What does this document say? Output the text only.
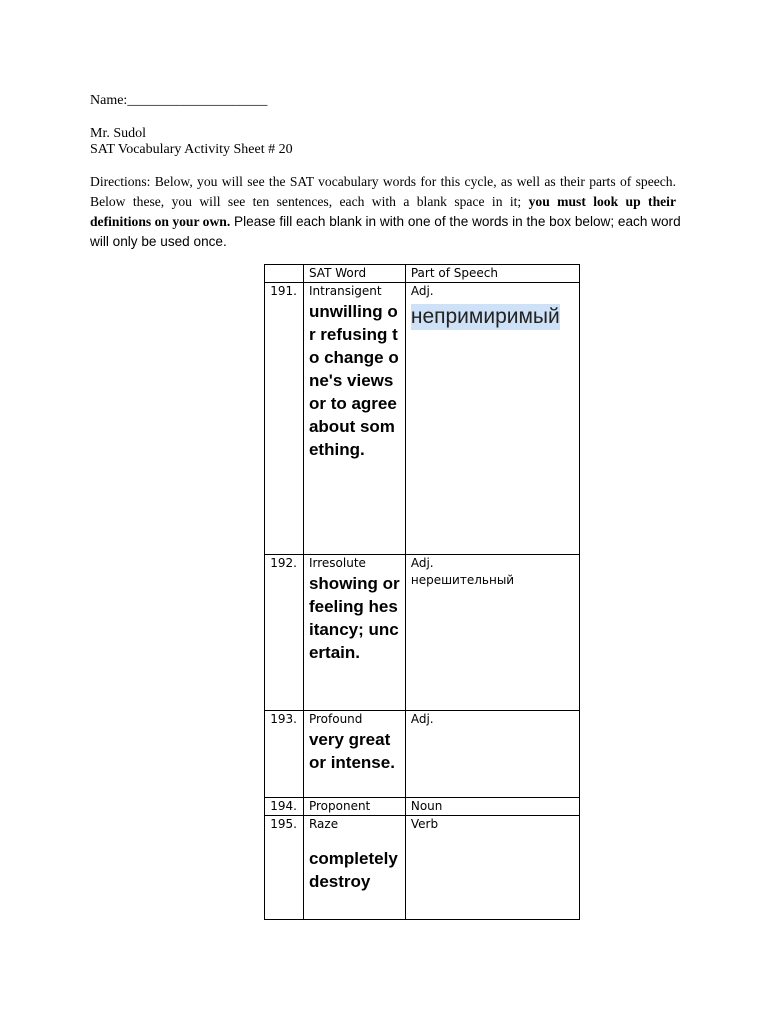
Name:____________________
Mr. Sudol
SAT Vocabulary Activity Sheet # 20
Directions: Below, you will see the SAT vocabulary words for this cycle, as well as their parts of speech.
Below these, you will see ten sentences, each with a blank space in it; you must look up their
definitions on your own. Please fill each blank in with one of the words in the box below; each word
will only be used once.
	SAT Word	Part of Speech
191.	Intransigent
unwilling or refusing to change one's views or to agree about something.	Adj.
непримиримый
192.	Irresolute
showing or feeling hesitancy; uncertain.	Adj.
нерешительный

193.	Profound
very great or intense.	Adj.
194.	Proponent	Noun
195.	Raze
completely destroy	Verb
